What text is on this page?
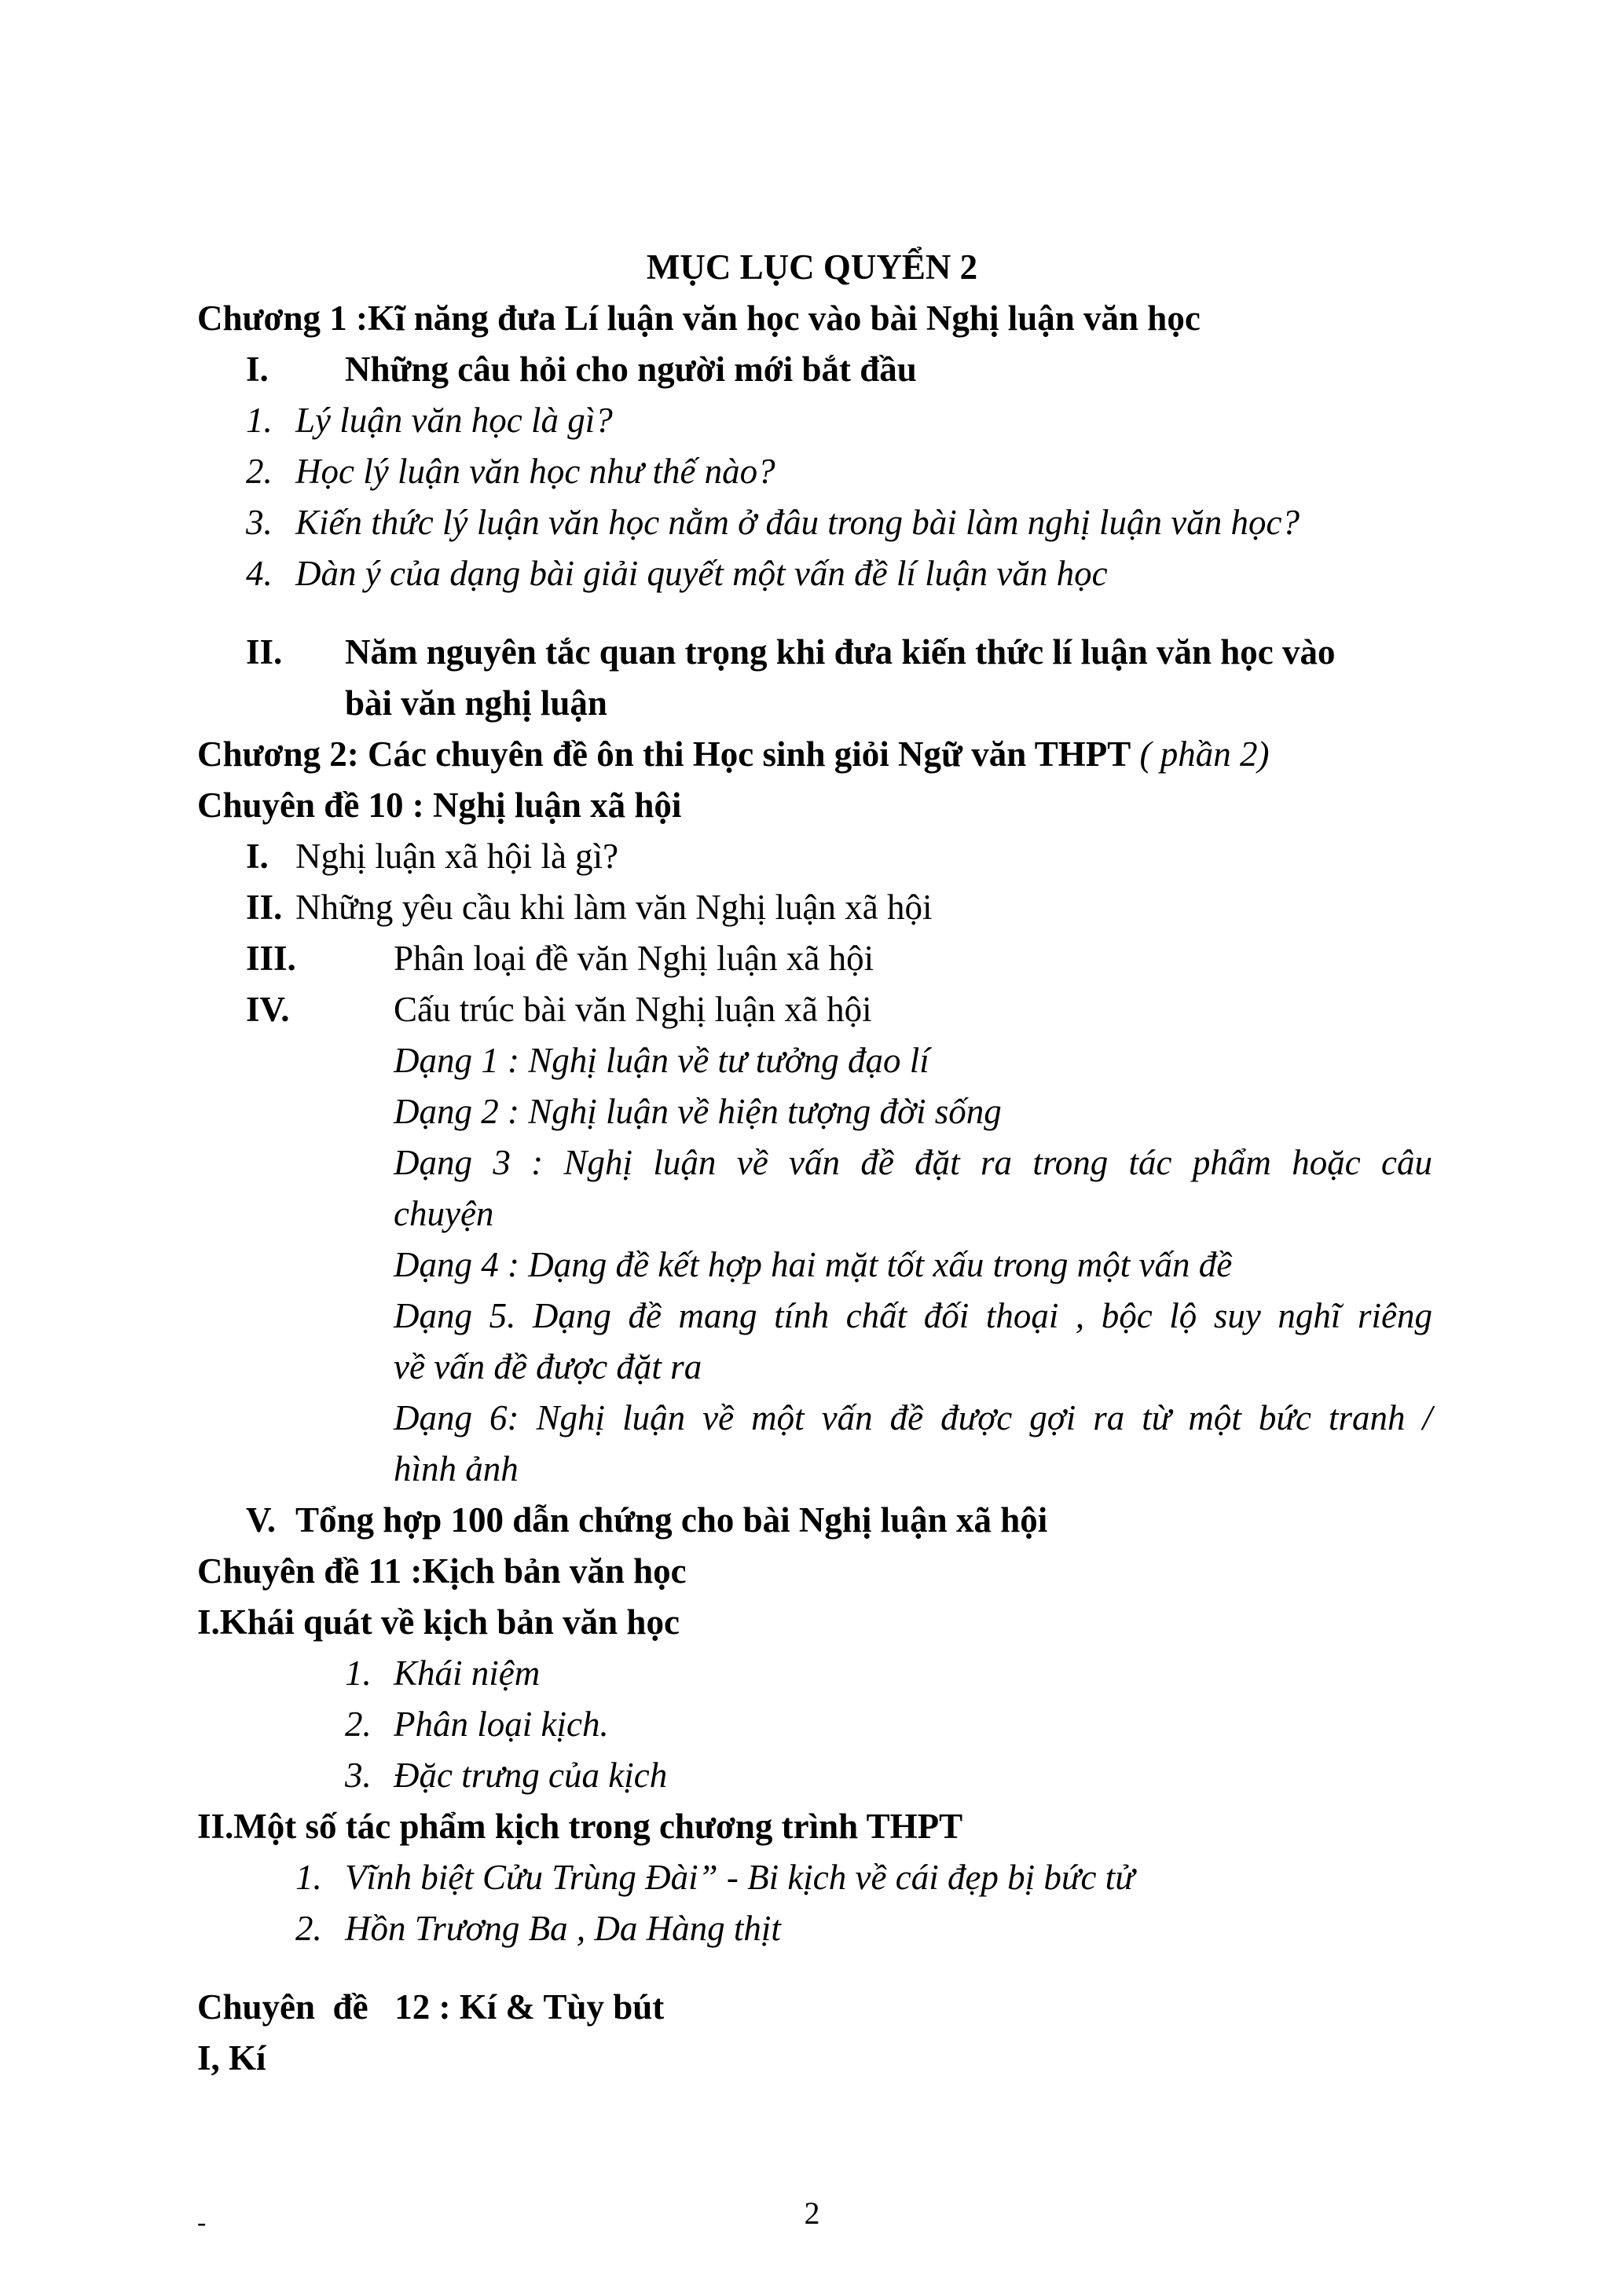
MỤC LỤC QUYỂN 2
Chương 1 :Kĩ năng đưa Lí luận văn học vào bài Nghị luận văn học
I. Những câu hỏi cho người mới bắt đầu
1. Lý luận văn học là gì?
2. Học lý luận văn học như thế nào?
3. Kiến thức lý luận văn học nằm ở đâu trong bài làm nghị luận văn học?
4. Dàn ý của dạng bài giải quyết một vấn đề lí luận văn học
II. Năm nguyên tắc quan trọng khi đưa kiến thức lí luận văn học vào
bài văn nghị luận
Chương 2: Các chuyên đề ôn thi Học sinh giỏi Ngữ văn THPT ( phần 2)
Chuyên đề 10 : Nghị luận xã hội
I. Nghị luận xã hội là gì?
II. Những yêu cầu khi làm văn Nghị luận xã hội
III.	Phân loại đề văn Nghị luận xã hội
IV.	Cấu trúc bài văn Nghị luận xã hội
Dạng 1 : Nghị luận về tư tưởng đạo lí
Dạng 2 : Nghị luận về hiện tượng đời sống
Dạng 3 : Nghị luận về vấn đề đặt ra trong tác phẩm hoặc câu
chuyện
Dạng 4 : Dạng đề kết hợp hai mặt tốt xấu trong một vấn đề
Dạng 5. Dạng đề mang tính chất đối thoại , bộc lộ suy nghĩ riêng
về vấn đề được đặt ra
Dạng 6: Nghị luận về một vấn đề được gợi ra từ một bức tranh /
hình ảnh
V. Tổng hợp 100 dẫn chứng cho bài Nghị luận xã hội
Chuyên đề 11 :Kịch bản văn học
I.Khái quát về kịch bản văn học
1. Khái niệm
2. Phân loại kịch.
3. Đặc trưng của kịch
II.Một số tác phẩm kịch trong chương trình THPT
1. Vĩnh biệt Cửu Trùng Đài” - Bi kịch về cái đẹp bị bức tử
2. Hồn Trương Ba , Da Hàng thịt
Chuyên  đề   12 : Kí & Tùy bút
I, Kí
2
-
